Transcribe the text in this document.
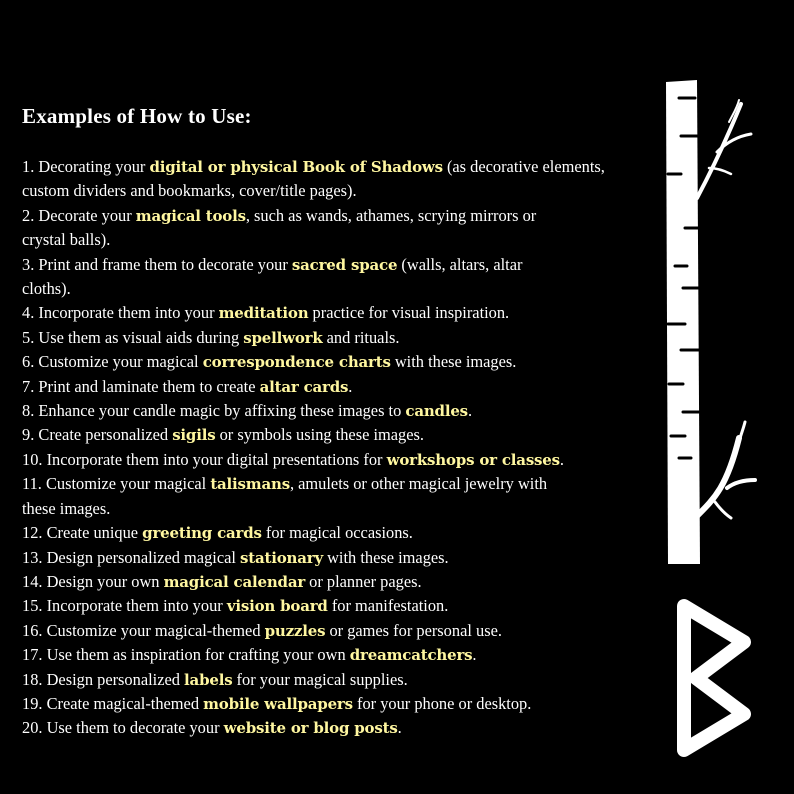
Examples of How to Use:
1. Decorating your digital or physical Book of Shadows (as decorative elements,
custom dividers and bookmarks, cover/title pages).
2. Decorate your magical tools, such as wands, athames, scrying mirrors or
crystal balls).
3. Print and frame them to decorate your sacred space (walls, altars, altar
cloths).
4. Incorporate them into your meditation practice for visual inspiration.
5. Use them as visual aids during spellwork and rituals.
6. Customize your magical correspondence charts with these images.
7. Print and laminate them to create altar cards.
8. Enhance your candle magic by affixing these images to candles.
9. Create personalized sigils or symbols using these images.
10. Incorporate them into your digital presentations for workshops or classes.
11. Customize your magical talismans, amulets or other magical jewelry with
these images.
12. Create unique greeting cards for magical occasions.
13. Design personalized magical stationary with these images.
14. Design your own magical calendar or planner pages.
15. Incorporate them into your vision board for manifestation.
16. Customize your magical-themed puzzles or games for personal use.
17. Use them as inspiration for crafting your own dreamcatchers.
18. Design personalized labels for your magical supplies.
19. Create magical-themed mobile wallpapers for your phone or desktop.
20. Use them to decorate your website or blog posts.
